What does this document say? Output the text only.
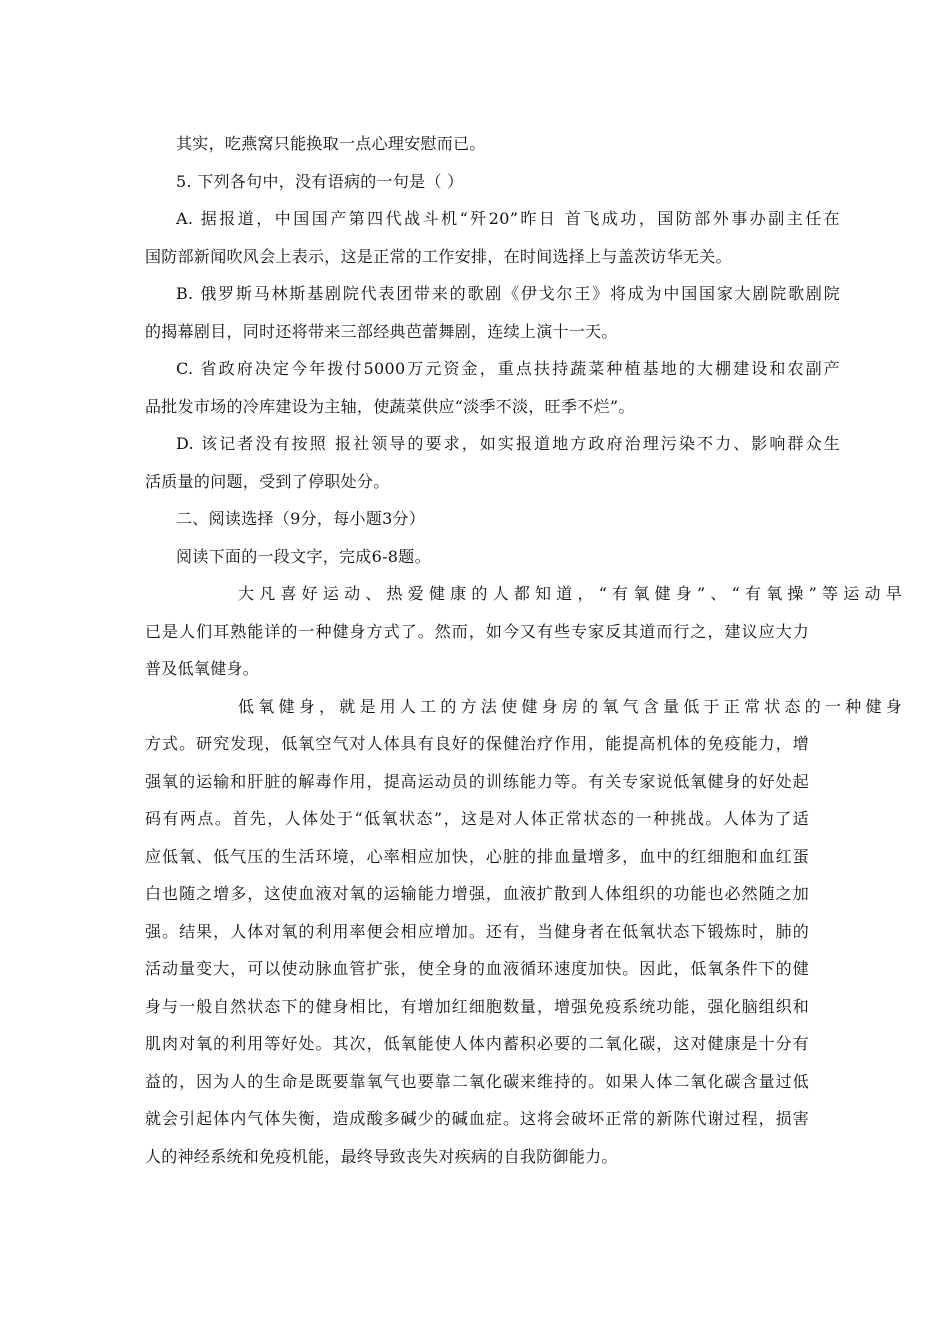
其实，吃燕窝只能换取一点心理安慰而已。
5. 下列各句中，没有语病的一句是（ ）
A. 据报道，中国国产第四代战斗机“歼20”昨日 首飞成功，国防部外事办副主任在
国防部新闻吹风会上表示，这是正常的工作安排，在时间选择上与盖茨访华无关。
B. 俄罗斯马林斯基剧院代表团带来的歌剧《伊戈尔王》将成为中国国家大剧院歌剧院
的揭幕剧目，同时还将带来三部经典芭蕾舞剧，连续上演十一天。
C. 省政府决定今年拨付5000万元资金，重点扶持蔬菜种植基地的大棚建设和农副产
品批发市场的冷库建设为主轴，使蔬菜供应“淡季不淡，旺季不烂”。
D. 该记者没有按照 报社领导的要求，如实报道地方政府治理污染不力、影响群众生
活质量的问题，受到了停职处分。
二、阅读选择（9分，每小题3分）
阅读下面的一段文字，完成6-8题。
大凡喜好运动、热爱健康的人都知道，“有氧健身”、“有氧操”等运动早
已是人们耳熟能详的一种健身方式了。然而，如今又有些专家反其道而行之，建议应大力
普及低氧健身。
低氧健身，就是用人工的方法使健身房的氧气含量低于正常状态的一种健身
方式。研究发现，低氧空气对人体具有良好的保健治疗作用，能提高机体的免疫能力，增
强氧的运输和肝脏的解毒作用，提高运动员的训练能力等。有关专家说低氧健身的好处起
码有两点。首先，人体处于“低氧状态”，这是对人体正常状态的一种挑战。人体为了适
应低氧、低气压的生活环境，心率相应加快，心脏的排血量增多，血中的红细胞和血红蛋
白也随之增多，这使血液对氧的运输能力增强，血液扩散到人体组织的功能也必然随之加
强。结果，人体对氧的利用率便会相应增加。还有，当健身者在低氧状态下锻炼时，肺的
活动量变大，可以使动脉血管扩张，使全身的血液循环速度加快。因此，低氧条件下的健
身与一般自然状态下的健身相比，有增加红细胞数量，增强免疫系统功能，强化脑组织和
肌肉对氧的利用等好处。其次，低氧能使人体内蓄积必要的二氧化碳，这对健康是十分有
益的，因为人的生命是既要靠氧气也要靠二氧化碳来维持的。如果人体二氧化碳含量过低
就会引起体内气体失衡，造成酸多碱少的碱血症。这将会破坏正常的新陈代谢过程，损害
人的神经系统和免疫机能，最终导致丧失对疾病的自我防御能力。
